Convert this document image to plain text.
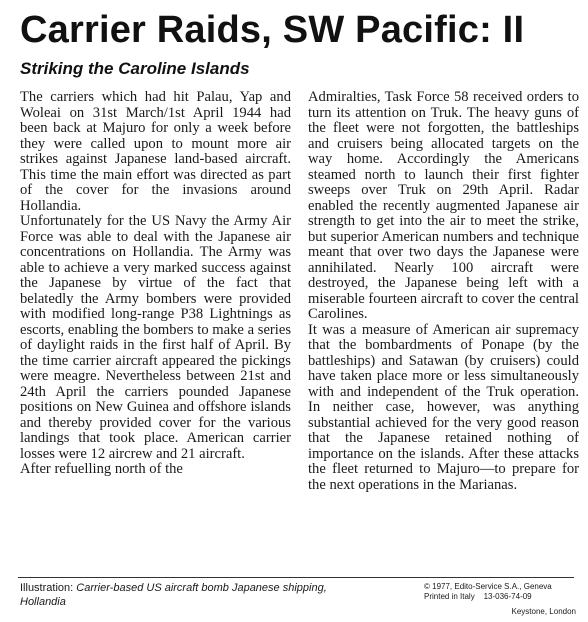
Carrier Raids, SW Pacific: II
Striking the Caroline Islands

The carriers which had hit Palau, Yap and Woleai on 31st March/1st April 1944 had been back at Majuro for only a week before they were called upon to mount more air strikes against Japanese land-based aircraft. This time the main effort was directed as part of the cover for the invasions around Hollandia.

Unfortunately for the US Navy the Army Air Force was able to deal with the Japanese air concentrations on Hollandia. The Army was able to achieve a very marked success against the Japanese by virtue of the fact that belatedly the Army bombers were provided with modified long-range P38 Lightnings as escorts, enabling the bombers to make a series of daylight raids in the first half of April. By the time carrier aircraft appeared the pickings were meagre. Nevertheless between 21st and 24th April the carriers pounded Japanese positions on New Guinea and offshore islands and thereby provided cover for the various landings that took place. American carrier losses were 12 aircrew and 21 aircraft.

After refuelling north of the

Admiralties, Task Force 58 received orders to turn its attention on Truk. The heavy guns of the fleet were not forgotten, the battleships and cruisers being allocated targets on the way home. Accordingly the Americans steamed north to launch their first fighter sweeps over Truk on 29th April. Radar enabled the recently augmented Japanese air strength to get into the air to meet the strike, but superior American numbers and technique meant that over two days the Japanese were annihilated. Nearly 100 aircraft were destroyed, the Japanese being left with a miserable fourteen aircraft to cover the central Carolines.

It was a measure of American air supremacy that the bombardments of Ponape (by the battleships) and Satawan (by cruisers) could have taken place more or less simultaneously with and independent of the Truk operation. In neither case, however, was anything substantial achieved for the very good reason that the Japanese retained nothing of importance on the islands. After these attacks the fleet returned to Majuro—to prepare for the next operations in the Marianas.

Illustration: Carrier-based US aircraft bomb Japanese shipping, Hollandia
© 1977, Edito-Service S.A., Geneva
Printed in Italy 13-036-74-09
Keystone, London
